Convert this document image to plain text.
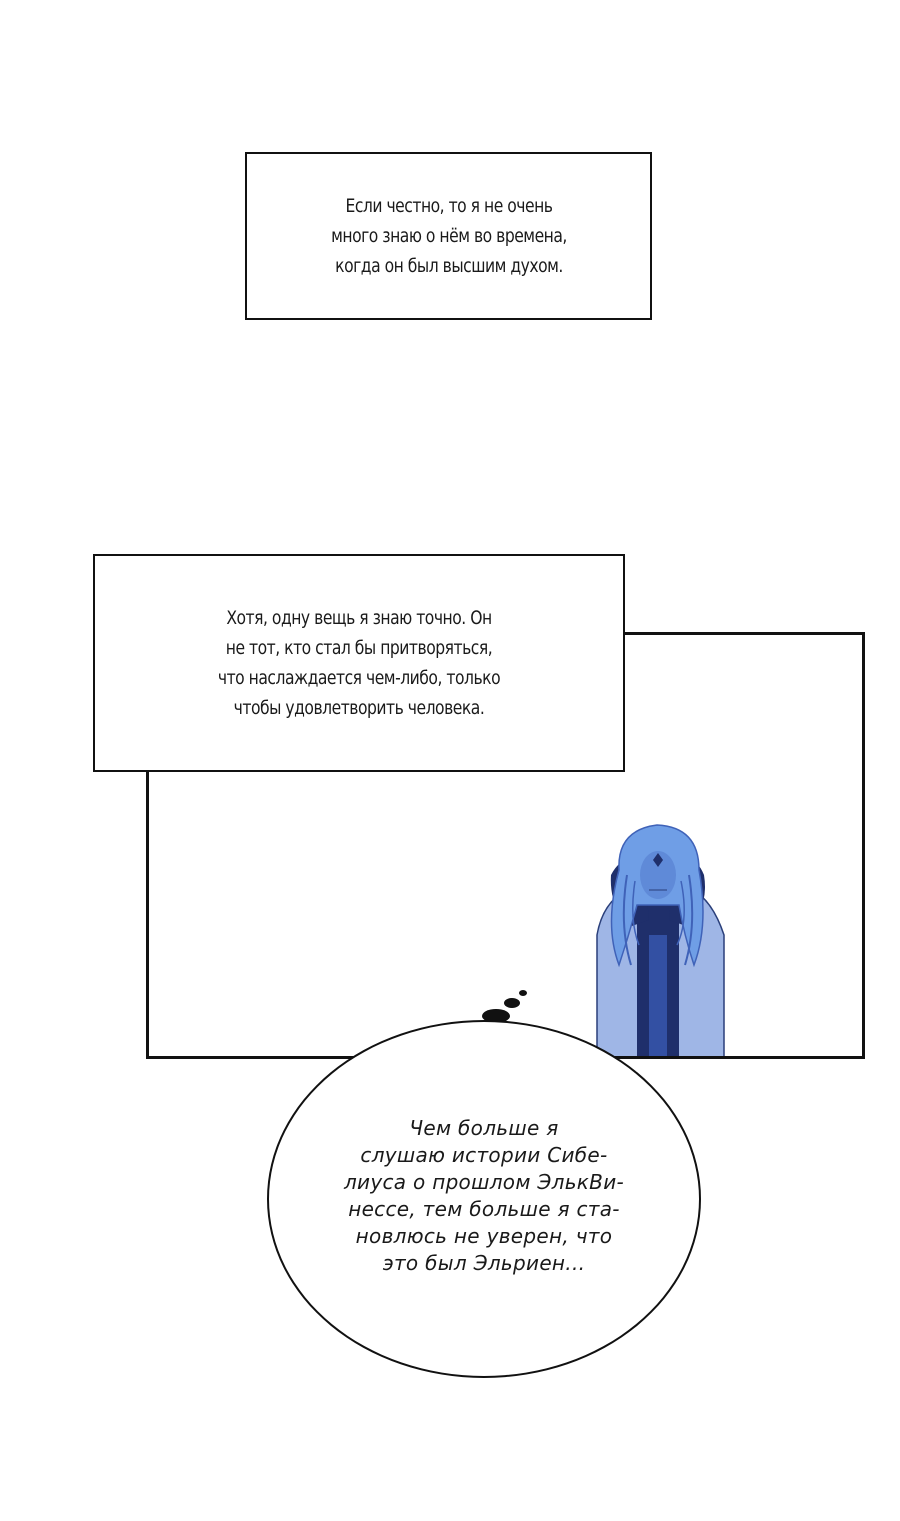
Если честно, то я не очень
много знаю о нём во времена,
когда он был высшим духом.
Хотя, одну вещь я знаю точно. Он
не тот, кто стал бы притворяться,
что наслаждается чем-либо, только
чтобы удовлетворить человека.
Чем больше я
слушаю истории Сибе-
лиуса о прошлом ЭлькВи-
нессе, тем больше я ста-
новлюсь не уверен, что
это был Эльриен...
